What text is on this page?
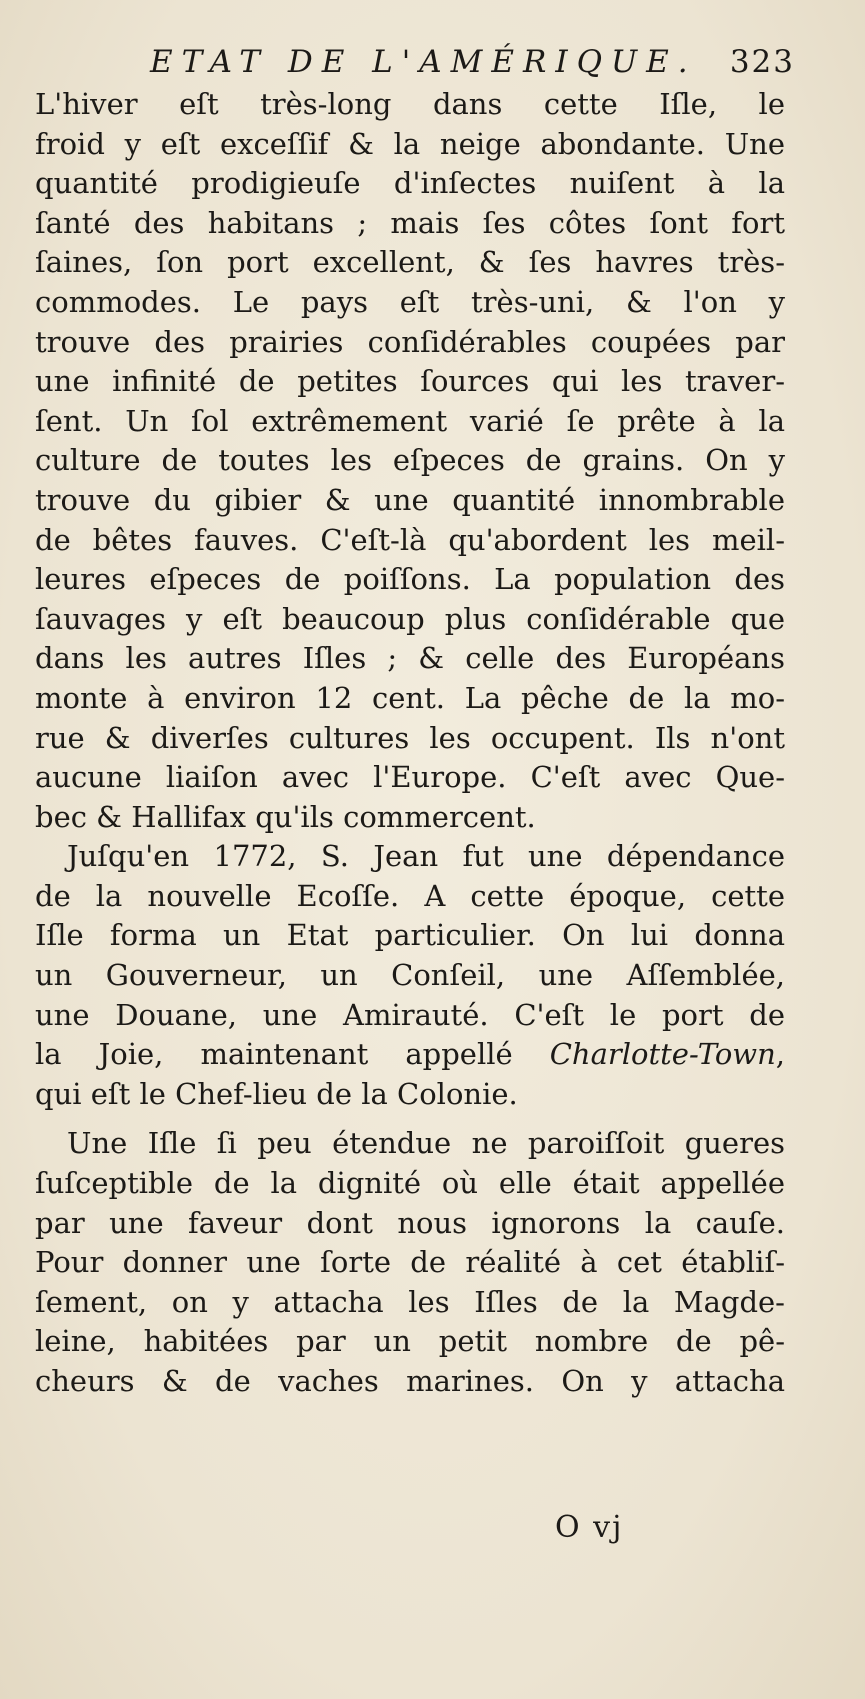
ETAT DE L'AMÉRIQUE. 323
L'hiver eſt très-long dans cette Iſle, le
froid y eſt exceſſif & la neige abondante. Une
quantité prodigieuſe d'inſectes nuiſent à la
ſanté des habitans ; mais ſes côtes ſont fort
ſaines, ſon port excellent, & ſes havres très-
commodes. Le pays eſt très-uni, & l'on y
trouve des prairies conſidérables coupées par
une infinité de petites ſources qui les traver-
ſent. Un ſol extrêmement varié ſe prête à la
culture de toutes les eſpeces de grains. On y
trouve du gibier & une quantité innombrable
de bêtes fauves. C'eſt-là qu'abordent les meil-
leures eſpeces de poiſſons. La population des
ſauvages y eſt beaucoup plus conſidérable que
dans les autres Iſles ; & celle des Européans
monte à environ 12 cent. La pêche de la mo-
rue & diverſes cultures les occupent. Ils n'ont
aucune liaiſon avec l'Europe. C'eſt avec Que-
bec & Hallifax qu'ils commercent.
Juſqu'en 1772, S. Jean fut une dépendance
de la nouvelle Ecoſſe. A cette époque, cette
Iſle forma un Etat particulier. On lui donna
un Gouverneur, un Conſeil, une Aſſemblée,
une Douane, une Amirauté. C'eſt le port de
la Joie, maintenant appellé Charlotte-Town,
qui eſt le Chef-lieu de la Colonie.
Une Iſle ſi peu étendue ne paroiſſoit gueres
ſuſceptible de la dignité où elle était appellée
par une faveur dont nous ignorons la cauſe.
Pour donner une ſorte de réalité à cet établiſ-
ſement, on y attacha les Iſles de la Magde-
leine, habitées par un petit nombre de pê-
cheurs & de vaches marines. On y attacha
O vj
